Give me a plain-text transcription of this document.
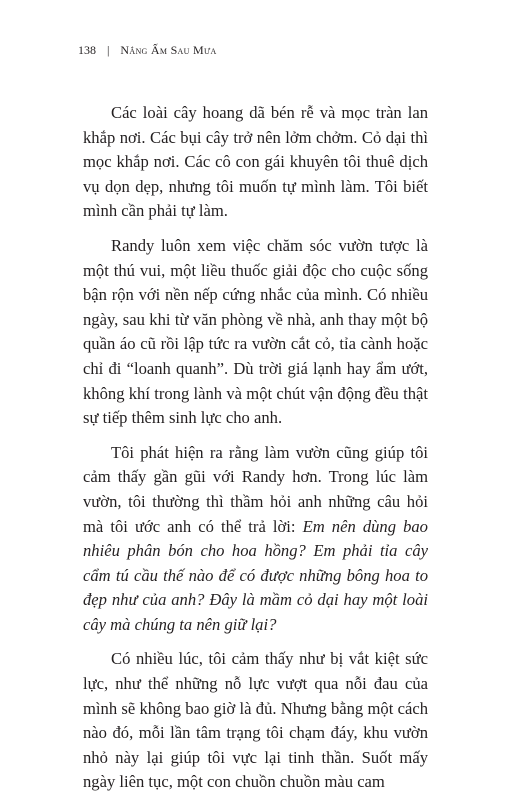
138 | Nắng Ấm Sau Mưa

Các loài cây hoang dã bén rễ và mọc tràn lan khắp nơi. Các bụi cây trở nên lởm chởm. Cỏ dại thì mọc khắp nơi. Các cô con gái khuyên tôi thuê dịch vụ dọn dẹp, nhưng tôi muốn tự mình làm. Tôi biết mình cần phải tự làm.

Randy luôn xem việc chăm sóc vườn tược là một thú vui, một liều thuốc giải độc cho cuộc sống bận rộn với nền nếp cứng nhắc của mình. Có nhiều ngày, sau khi từ văn phòng về nhà, anh thay một bộ quần áo cũ rồi lập tức ra vườn cắt cỏ, tỉa cành hoặc chỉ đi “loanh quanh”. Dù trời giá lạnh hay ẩm ướt, không khí trong lành và một chút vận động đều thật sự tiếp thêm sinh lực cho anh.

Tôi phát hiện ra rằng làm vườn cũng giúp tôi cảm thấy gần gũi với Randy hơn. Trong lúc làm vườn, tôi thường thì thầm hỏi anh những câu hỏi mà tôi ước anh có thể trả lời: Em nên dùng bao nhiêu phân bón cho hoa hồng? Em phải tỉa cây cẩm tú cầu thế nào để có được những bông hoa to đẹp như của anh? Đây là mầm cỏ dại hay một loài cây mà chúng ta nên giữ lại?

Có nhiều lúc, tôi cảm thấy như bị vắt kiệt sức lực, như thể những nỗ lực vượt qua nỗi đau của mình sẽ không bao giờ là đủ. Nhưng bằng một cách nào đó, mỗi lần tâm trạng tôi chạm đáy, khu vườn nhỏ này lại giúp tôi vực lại tinh thần. Suốt mấy ngày liên tục, một con chuồn chuồn màu cam
